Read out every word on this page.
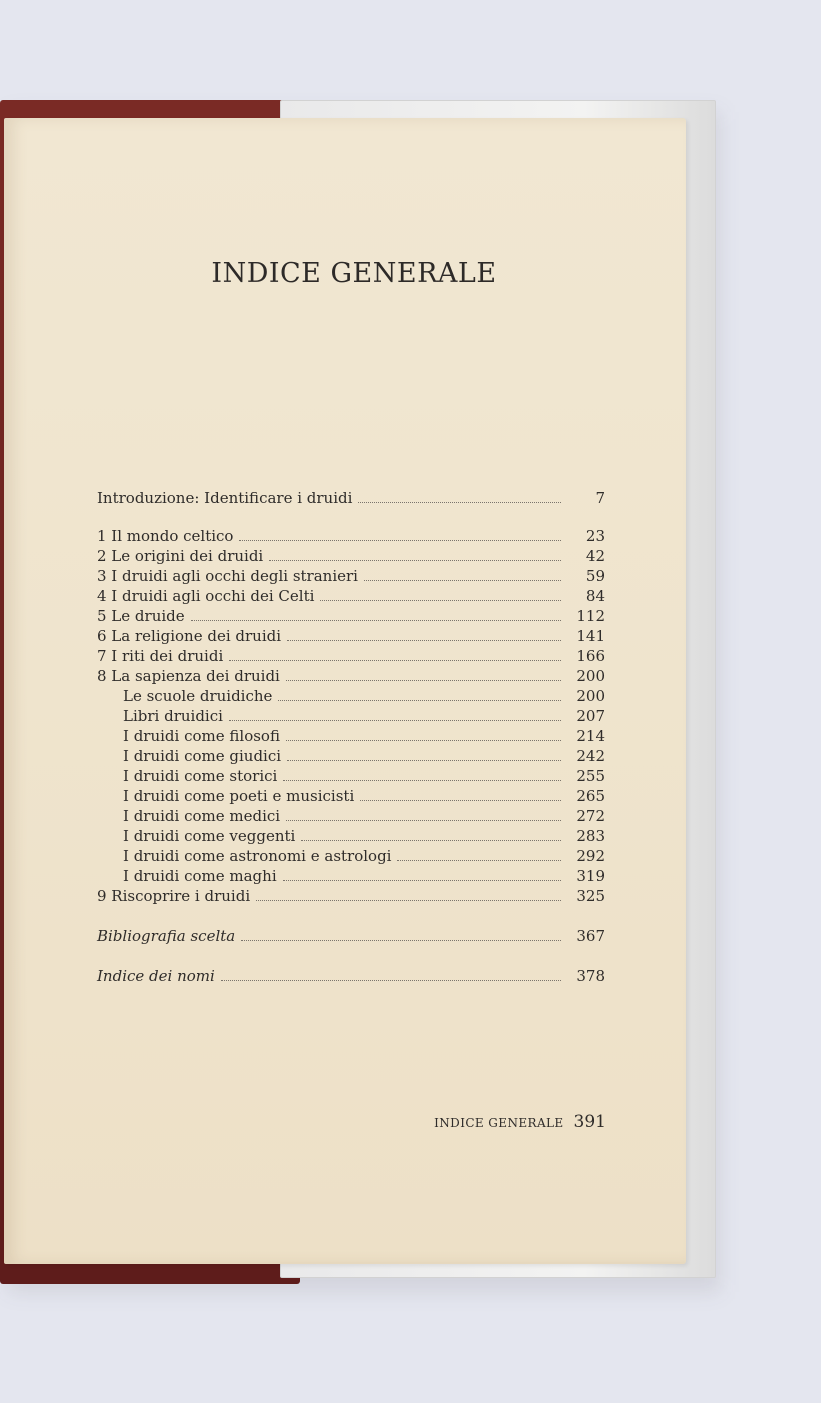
INDICE GENERALE
Introduzione: Identificare i druidi	7
1 Il mondo celtico	23
2 Le origini dei druidi	42
3 I druidi agli occhi degli stranieri	59
4 I druidi agli occhi dei Celti	84
5 Le druide	112
6 La religione dei druidi	141
7 I riti dei druidi	166
8 La sapienza dei druidi	200
Le scuole druidiche	200
Libri druidici	207
I druidi come filosofi	214
I druidi come giudici	242
I druidi come storici	255
I druidi come poeti e musicisti	265
I druidi come medici	272
I druidi come veggenti	283
I druidi come astronomi e astrologi	292
I druidi come maghi	319
9 Riscoprire i druidi	325
Bibliografia scelta	367
Indice dei nomi	378
INDICE GENERALE 391
